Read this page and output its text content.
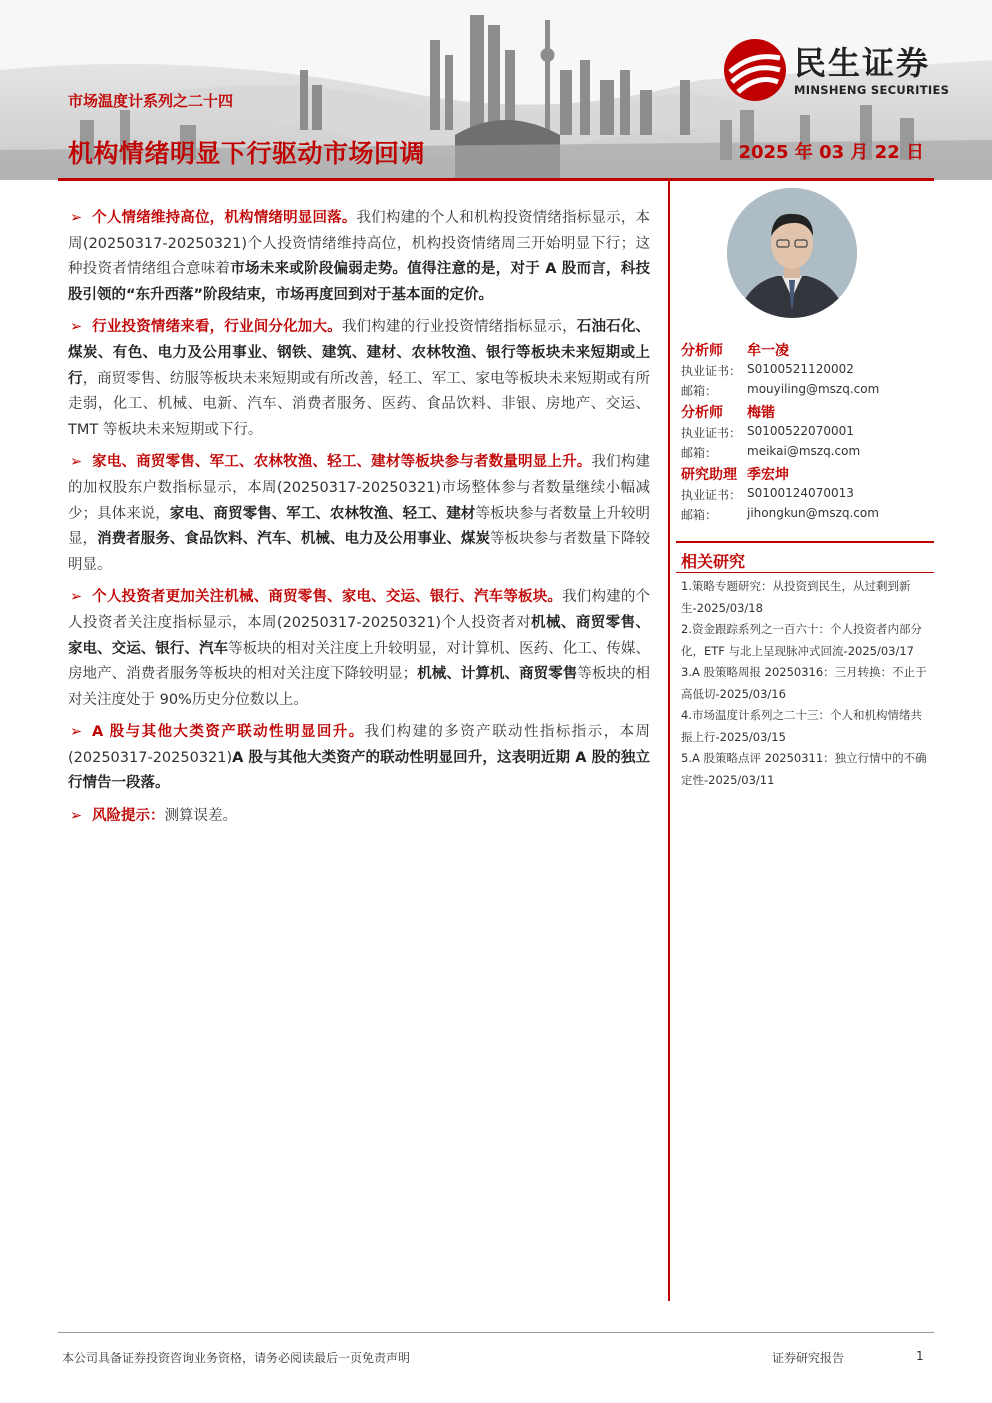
市场温度计系列之二十四
机构情绪明显下行驱动市场回调	2025 年 03 月 22 日
民生证券
MINSHENG SECURITIES
➢ 个人情绪维持高位，机构情绪明显回落。我们构建的个人和机构投资情绪指标显示，本周(20250317-20250321)个人投资情绪维持高位，机构投资情绪周三开始明显下行；这种投资者情绪组合意味着市场未来或阶段偏弱走势。值得注意的是，对于 A 股而言，科技股引领的“东升西落”阶段结束，市场再度回到对于基本面的定价。
➢ 行业投资情绪来看，行业间分化加大。我们构建的行业投资情绪指标显示，石油石化、煤炭、有色、电力及公用事业、钢铁、建筑、建材、农林牧渔、银行等板块未来短期或上行，商贸零售、纺服等板块未来短期或有所改善，轻工、军工、家电等板块未来短期或有所走弱，化工、机械、电新、汽车、消费者服务、医药、食品饮料、非银、房地产、交运、TMT 等板块未来短期或下行。
➢ 家电、商贸零售、军工、农林牧渔、轻工、建材等板块参与者数量明显上升。我们构建的加权股东户数指标显示，本周(20250317-20250321)市场整体参与者数量继续小幅减少；具体来说，家电、商贸零售、军工、农林牧渔、轻工、建材等板块参与者数量上升较明显，消费者服务、食品饮料、汽车、机械、电力及公用事业、煤炭等板块参与者数量下降较明显。
➢ 个人投资者更加关注机械、商贸零售、家电、交运、银行、汽车等板块。我们构建的个人投资者关注度指标显示，本周(20250317-20250321)个人投资者对机械、商贸零售、家电、交运、银行、汽车等板块的相对关注度上升较明显，对计算机、医药、化工、传媒、房地产、消费者服务等板块的相对关注度下降较明显；机械、计算机、商贸零售等板块的相对关注度处于 90%历史分位数以上。
➢ A 股与其他大类资产联动性明显回升。我们构建的多资产联动性指标指示，本周(20250317-20250321)A 股与其他大类资产的联动性明显回升，这表明近期 A 股的独立行情告一段落。
➢ 风险提示：测算误差。
分析师 牟一凌
执业证书： S0100521120002
邮箱： mouyiling@mszq.com
分析师 梅锴
执业证书： S0100522070001
邮箱： meikai@mszq.com
研究助理 季宏坤
执业证书： S0100124070013
邮箱： jihongkun@mszq.com
相关研究
1.策略专题研究：从投资到民生，从过剩到新生-2025/03/18
2.资金跟踪系列之一百六十：个人投资者内部分化，ETF 与北上呈现脉冲式回流-2025/03/17
3.A 股策略周报 20250316：三月转换：不止于高低切-2025/03/16
4.市场温度计系列之二十三：个人和机构情绪共振上行-2025/03/15
5.A 股策略点评 20250311：独立行情中的不确定性-2025/03/11
本公司具备证券投资咨询业务资格，请务必阅读最后一页免责声明	证券研究报告	1
